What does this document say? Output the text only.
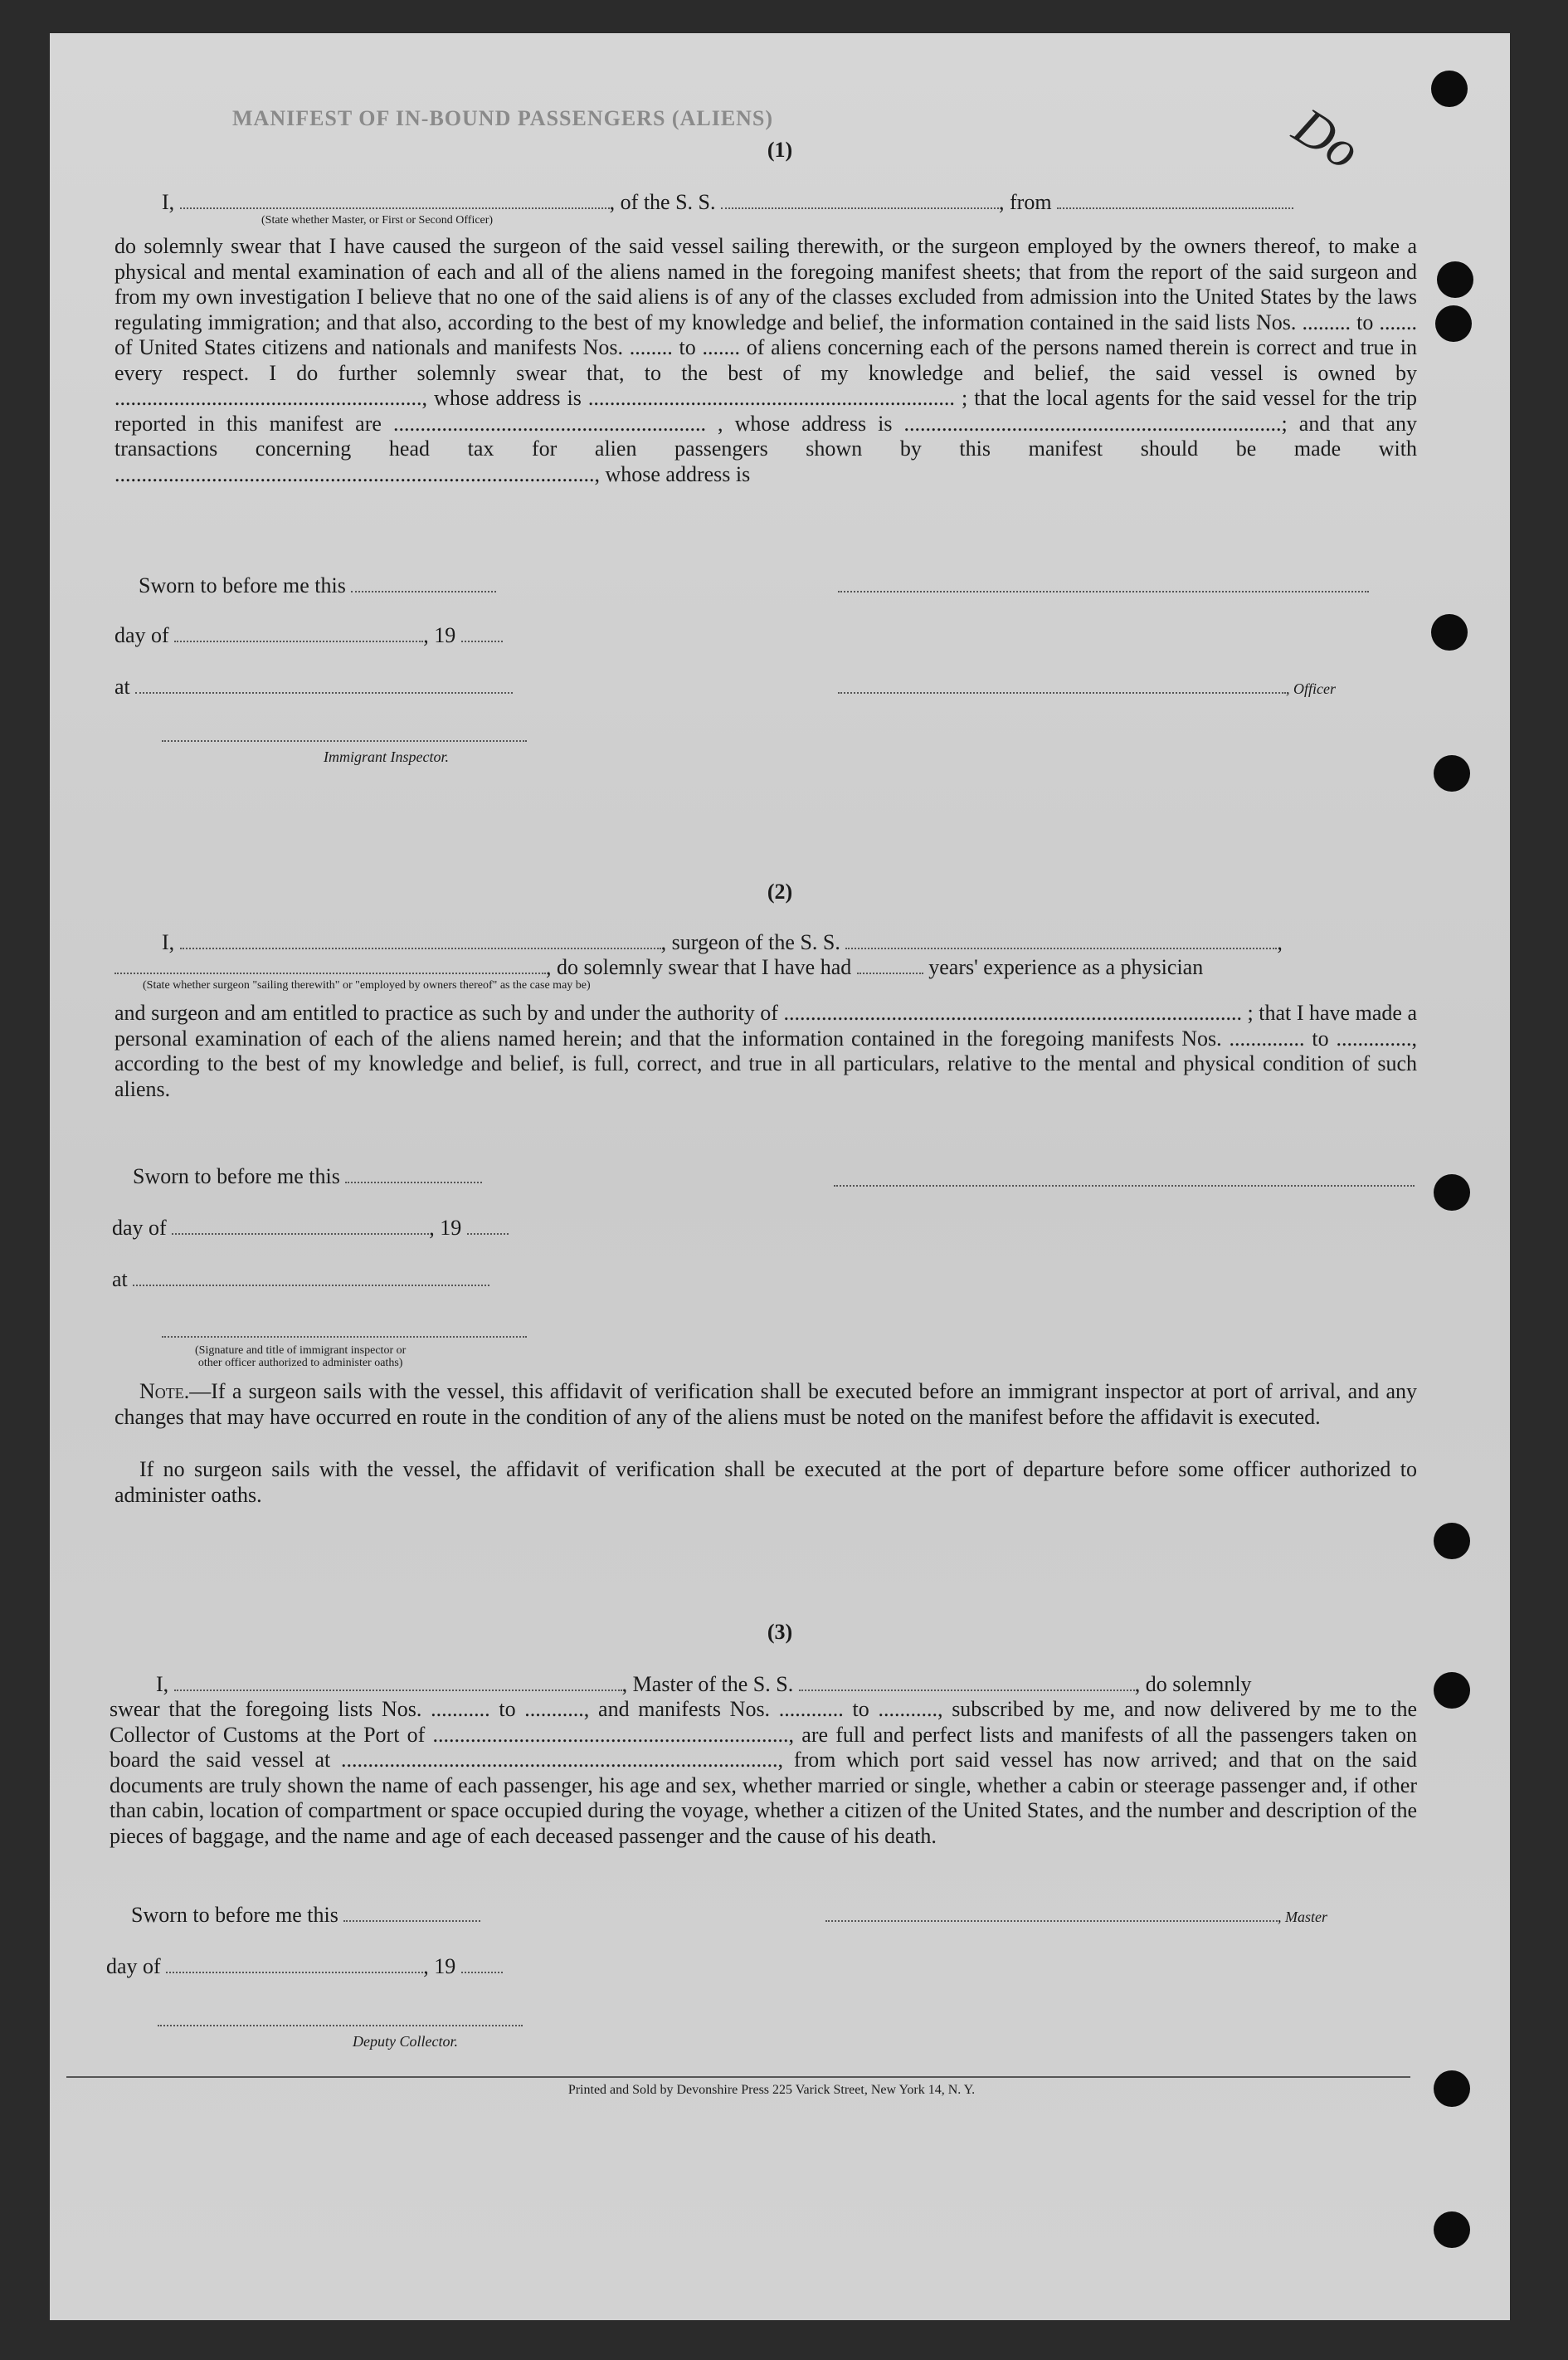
MANIFEST OF IN-BOUND PASSENGERS (ALIENS)	Do
(1)
I,	, of the S. S.	, from
(State whether Master, or First or Second Officer)
do solemnly swear that I have caused the surgeon of the said vessel sailing therewith, or the surgeon employed by the owners thereof, to make a physical and mental examination of each and all of the aliens named in the foregoing manifest sheets; that from the report of the said surgeon and from my own investigation I believe that no one of the said aliens is of any of the classes excluded from admission into the United States by the laws regulating immigration; and that also, according to the best of my knowledge and belief, the information contained in the said lists Nos. ......... to ....... of United States citizens and nationals and manifests Nos. ........ to ....... of aliens concerning each of the persons named therein is correct and true in every respect. I do further solemnly swear that, to the best of my knowledge and belief, the said vessel is owned by ........................................................., whose address is .................................................................... ; that the local agents for the said vessel for the trip reported in this manifest are .......................................................... , whose address is ......................................................................; and that any transactions concerning head tax for alien passengers shown by this manifest should be made with ........................................................................................., whose address is
Sworn to before me this
day of	, 19
at	, Officer
Immigrant Inspector.
(2)
I,	, surgeon of the S. S.	,
, do solemnly swear that I have had	years' experience as a physician
(State whether surgeon "sailing therewith" or "employed by owners thereof" as the case may be)
and surgeon and am entitled to practice as such by and under the authority of ..................................................................................... ; that I have made a personal examination of each of the aliens named herein; and that the information contained in the foregoing manifests Nos. .............. to .............., according to the best of my knowledge and belief, is full, correct, and true in all particulars, relative to the mental and physical condition of such aliens.
Sworn to before me this
day of	, 19
at
(Signature and title of immigrant inspector or
other officer authorized to administer oaths)
Note.—If a surgeon sails with the vessel, this affidavit of verification shall be executed before an immigrant inspector at port of arrival, and any changes that may have occurred en route in the condition of any of the aliens must be noted on the manifest before the affidavit is executed.
If no surgeon sails with the vessel, the affidavit of verification shall be executed at the port of departure before some officer authorized to administer oaths.
(3)
I,	, Master of the S. S.	, do solemnly
swear that the foregoing lists Nos. ........... to ..........., and manifests Nos. ............ to ..........., subscribed by me, and now delivered by me to the Collector of Customs at the Port of .................................................................., are full and perfect lists and manifests of all the passengers taken on board the said vessel at ................................................................................., from which port said vessel has now arrived; and that on the said documents are truly shown the name of each passenger, his age and sex, whether married or single, whether a cabin or steerage passenger and, if other than cabin, location of compartment or space occupied during the voyage, whether a citizen of the United States, and the number and description of the pieces of baggage, and the name and age of each deceased passenger and the cause of his death.
Sworn to before me this	, Master
day of	, 19
Deputy Collector.
Printed and Sold by Devonshire Press 225 Varick Street, New York 14, N. Y.
